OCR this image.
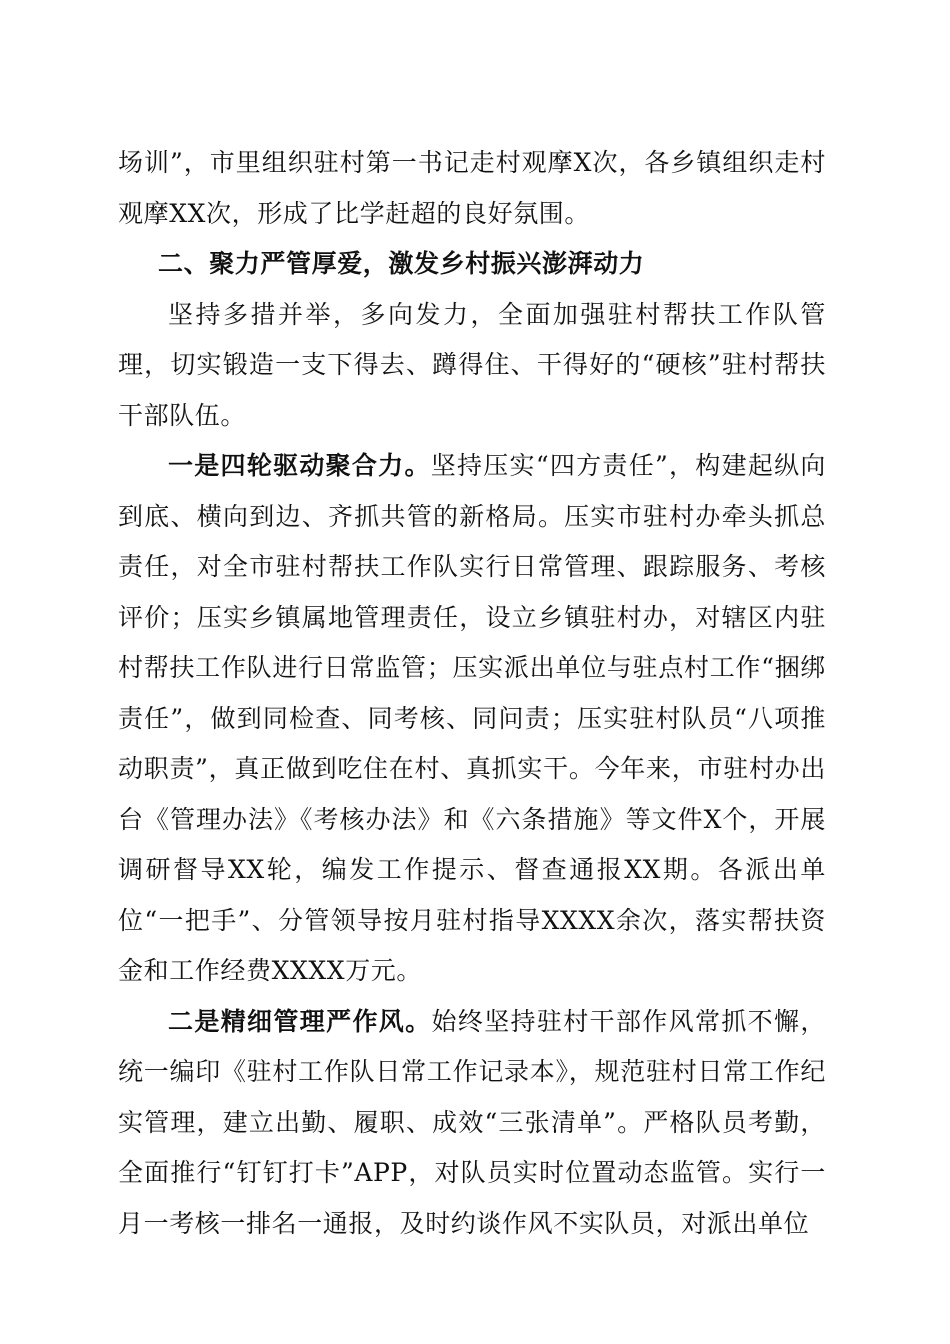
场训”，市里组织驻村第一书记走村观摩X次，各乡镇组织走村观摩XX次，形成了比学赶超的良好氛围。

二、聚力严管厚爱，激发乡村振兴澎湃动力

坚持多措并举，多向发力，全面加强驻村帮扶工作队管理，切实锻造一支下得去、蹲得住、干得好的“硬核”驻村帮扶干部队伍。

一是四轮驱动聚合力。坚持压实“四方责任”，构建起纵向到底、横向到边、齐抓共管的新格局。压实市驻村办牵头抓总责任，对全市驻村帮扶工作队实行日常管理、跟踪服务、考核评价；压实乡镇属地管理责任，设立乡镇驻村办，对辖区内驻村帮扶工作队进行日常监管；压实派出单位与驻点村工作“捆绑责任”，做到同检查、同考核、同问责；压实驻村队员“八项推动职责”，真正做到吃住在村、真抓实干。今年来，市驻村办出台《管理办法》《考核办法》和《六条措施》等文件X个，开展调研督导XX轮，编发工作提示、督查通报XX期。各派出单位“一把手”、分管领导按月驻村指导XXXX余次，落实帮扶资金和工作经费XXXX万元。

二是精细管理严作风。始终坚持驻村干部作风常抓不懈，统一编印《驻村工作队日常工作记录本》，规范驻村日常工作纪实管理，建立出勤、履职、成效“三张清单”。严格队员考勤，全面推行“钉钉打卡”APP，对队员实时位置动态监管。实行一月一考核一排名一通报，及时约谈作风不实队员，对派出单位
